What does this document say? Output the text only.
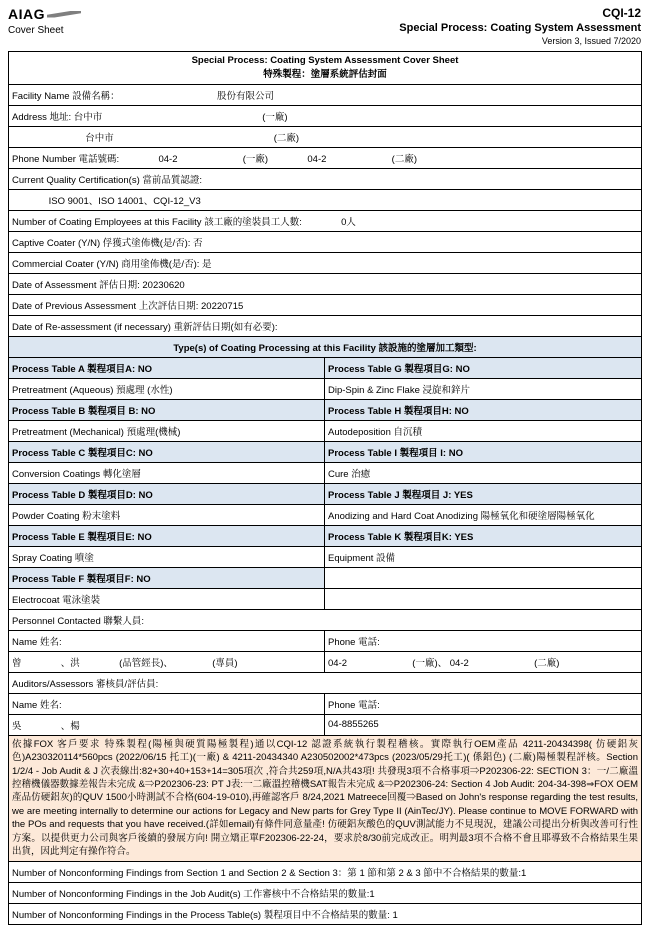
AIAG
Cover Sheet
CQI-12
Special Process: Coating System Assessment
Version 3, Issued 7/2020
Special Process: Coating System Assessment Cover Sheet
特殊製程：塗層系統評估封面	

Facility Name 設備名稱： 股份有限公司	
Address 地址: 台中市 (一廠)	
台中市 (二廠)	
Phone Number 電話號碼: 04-2 (一廠) 04-2 (二廠)	
Current Quality Certification(s) 當前品質認證:	
ISO 9001、ISO 14001、CQI-12_V3	
Number of Coating Employees at this Facility 該工廠的塗裝員工人數: 0人	
Captive Coater (Y/N) 俘獲式塗佈機(是/否): 否	
Commercial Coater (Y/N) 商用塗佈機(是/否): 是	
Date of Assessment 評估日期: 20230620	
Date of Previous Assessment 上次評估日期: 20220715	
Date of Re-assessment (if necessary) 重新評估日期(如有必要):	
Type(s) of Coating Processing at this Facility 該設施的塗層加工類型:	
Process Table A 製程項目A: NO	Process Table G 製程項目G: NO
Pretreatment (Aqueous) 預處理 (水性)	Dip-Spin & Zinc Flake 浸旋和鋅片
Process Table B 製程項目 B: NO	Process Table H 製程項目H: NO
Pretreatment (Mechanical) 預處理(機械)	Autodeposition 自沉積
Process Table C 製程項目C: NO	Process Table I 製程項目 I: NO
Conversion Coatings 轉化塗層	Cure 治癒
Process Table D 製程項目D: NO	Process Table J 製程項目 J: YES
Powder Coating 粉末塗料	Anodizing and Hard Coat Anodizing 陽極氧化和硬塗層陽極氧化
Process Table E 製程項目E: NO	Process Table K 製程項目K: YES
Spray Coating 噴塗	Equipment 設備
Process Table F 製程項目F: NO	
Electrocoat 電泳塗裝	
Personnel Contacted 聯繫人員:	
Name 姓名:	Phone 電話:
曾 、洪 (品管經長)、 (專員)	04-2 (一廠)、 04-2 (二廠)
Auditors/Assessors 審核員/評估員:	
Name 姓名:	Phone 電話:
吳 、楊	04-8855265
依據FOX 客戶要求 特殊製程(陽極與硬質陽極製程)通以CQI-12 認證系統執行製程稽核。實際執行OEM產品 4211-20434398( 仿硬鋁灰色)A230320114*560pcs (2022/06/15 托工)(一廠) & 4211-20434340 A230502002*473pcs (2023/05/29托工)( 係鋁色) (二廠)陽極製程評核。Section 1/2/4 - Job Audit & J 次表線出:82+30+40+153+14=305項次 ,符合共259項,N/A共43項! 共發現3項不合格事項⇒P202306-22: SECTION 3：一/二廠溫控稽機儀器數據差報告未完成 &⇒P202306-23: PT J表:一二廠溫控稽機SAT報告未完成 &⇒P202306-24: Section 4 Job Audit: 204-34-398⇒FOX OEM 產品仿硬鋁灰)的QUV 1500小時測試不合格(604-19-010),再確認客戶 8/24,2021 Matreece回覆⇒Based on John's response regarding the test results, we are meeting internally to determine our actions for Legacy and New parts for Grey Type II (AinTec/JY). Please continue to MOVE FORWARD with the POs and requests that you have received.(詳如email)有條件同意量產! 仿硬鋁灰酸色的QUV測試能力不見現況，建議公司提出分析與改善可行性方案。以提供更力公司與客戶後續的發展方向! 開立矯正單F202306-22-24，要求於8/30前完成改正。明判最3項不合格不會且耶導致不合格結果生果出貨，因此判定有操作符合。	
Number of Nonconforming Findings from Section 1 and Section 2 & Section 3：第 1 節和第 2 & 3 節中不合格結果的數量:1	
Number of Nonconforming Findings in the Job Audit(s) 工作審核中不合格結果的數量:1	
Number of Nonconforming Findings in the Process Table(s) 製程項目中不合格結果的數量: 1	
